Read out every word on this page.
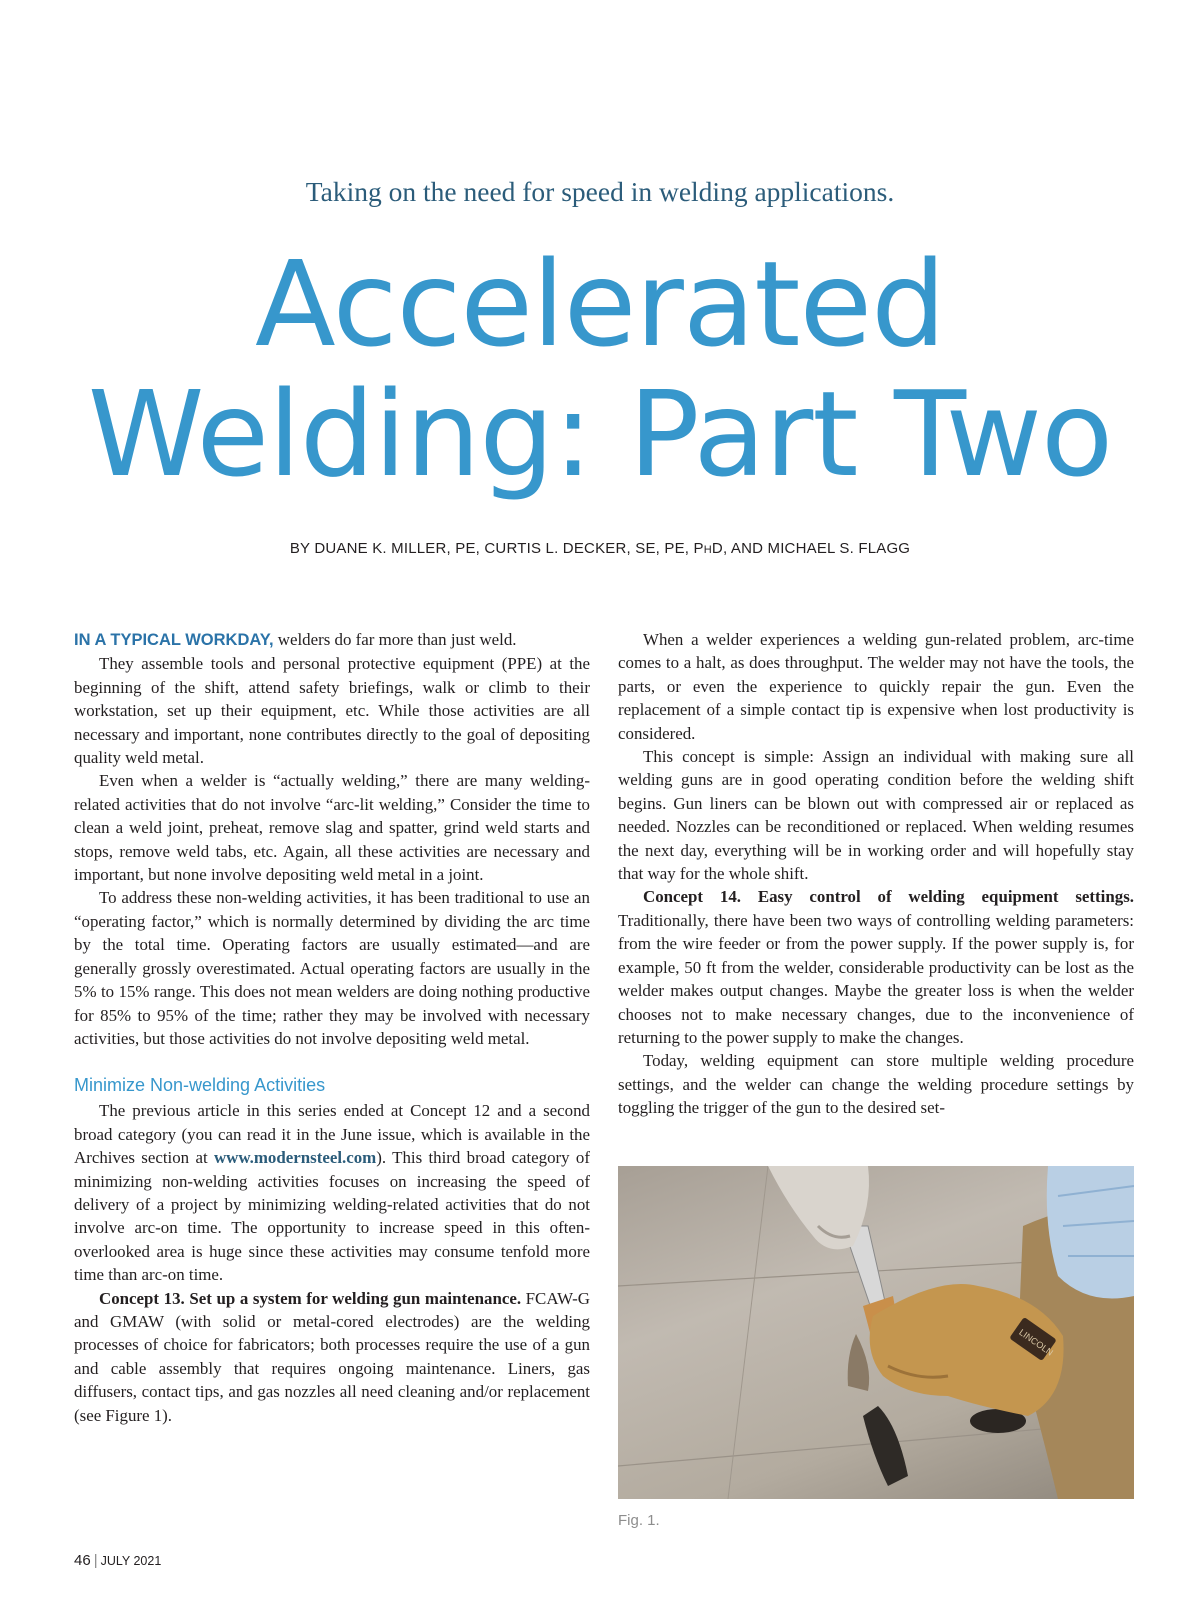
Taking on the need for speed in welding applications.
Accelerated
Welding: Part Two
BY DUANE K. MILLER, PE, CURTIS L. DECKER, SE, PE, PHD, AND MICHAEL S. FLAGG

IN A TYPICAL WORKDAY, welders do far more than just weld.

They assemble tools and personal protective equipment (PPE) at the beginning of the shift, attend safety briefings, walk or climb to their workstation, set up their equipment, etc. While those activities are all necessary and important, none contributes directly to the goal of depositing quality weld metal.

Even when a welder is “actually welding,” there are many welding-related activities that do not involve “arc-lit welding,” Consider the time to clean a weld joint, preheat, remove slag and spatter, grind weld starts and stops, remove weld tabs, etc. Again, all these activities are necessary and important, but none involve depositing weld metal in a joint.

To address these non-welding activities, it has been traditional to use an “operating factor,” which is normally determined by dividing the arc time by the total time. Operating factors are usually estimated—and are generally grossly overestimated. Actual operating factors are usually in the 5% to 15% range. This does not mean welders are doing nothing productive for 85% to 95% of the time; rather they may be involved with necessary activities, but those activities do not involve depositing weld metal.

Minimize Non-welding Activities

The previous article in this series ended at Concept 12 and a second broad category (you can read it in the June issue, which is available in the Archives section at www.modernsteel.com). This third broad category of minimizing non-welding activities focuses on increasing the speed of delivery of a project by minimizing welding-related activities that do not involve arc-on time. The opportunity to increase speed in this often-overlooked area is huge since these activities may consume tenfold more time than arc-on time.

Concept 13. Set up a system for welding gun maintenance. FCAW-G and GMAW (with solid or metal-cored electrodes) are the welding processes of choice for fabricators; both processes require the use of a gun and cable assembly that requires ongoing maintenance. Liners, gas diffusers, contact tips, and gas nozzles all need cleaning and/or replacement (see Figure 1).

When a welder experiences a welding gun-related problem, arc-time comes to a halt, as does throughput. The welder may not have the tools, the parts, or even the experience to quickly repair the gun. Even the replacement of a simple contact tip is expensive when lost productivity is considered.

This concept is simple: Assign an individual with making sure all welding guns are in good operating condition before the welding shift begins. Gun liners can be blown out with compressed air or replaced as needed. Nozzles can be reconditioned or replaced. When welding resumes the next day, everything will be in working order and will hopefully stay that way for the whole shift.

Concept 14. Easy control of welding equipment settings. Traditionally, there have been two ways of controlling welding parameters: from the wire feeder or from the power supply. If the power supply is, for example, 50 ft from the welder, considerable productivity can be lost as the welder makes output changes. Maybe the greater loss is when the welder chooses not to make necessary changes, due to the inconvenience of returning to the power supply to make the changes.

Today, welding equipment can store multiple welding procedure settings, and the welder can change the welding procedure settings by toggling the trigger of the gun to the desired set-

LINCOLN
Fig. 1.
46 | JULY 2021
